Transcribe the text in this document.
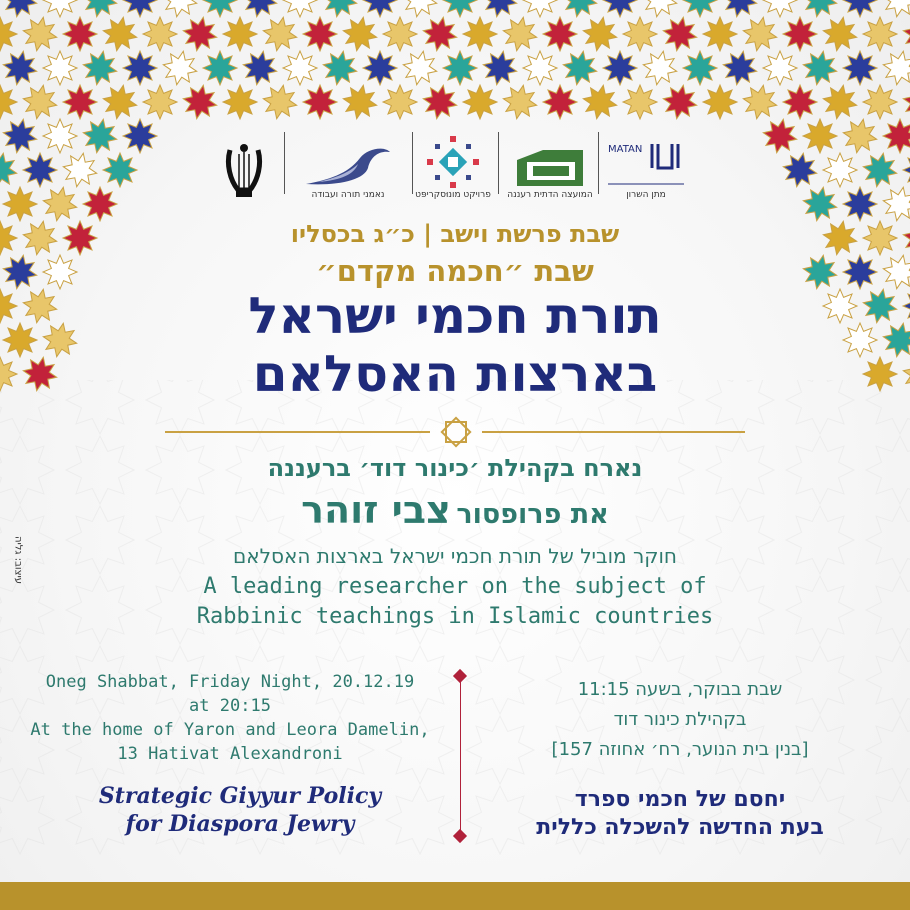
נאמני תורה ועבודה	פרויקט מונוּסקריפּט המועצה הדתית רעננה
MATAN
מתן השרון
שבת פרשת וישב | כ״ג בכסליו
שבת ״חכמה מקדם״
תורת חכמי ישראל
בארצות האסלאם
נארח בקהילת ׳כינור דוד׳ ברעננה
את פרופסור צבי זוהר
חוקר מוביל של תורת חכמי ישראל בארצות האסלאם
A leading researcher on the subject of
Rabbinic teachings in Islamic countries
Oneg Shabbat, Friday Night, 20.12.19
at 20:15
At the home of Yaron and Leora Damelin,
13 Hativat Alexandroni
Strategic Giyyur Policy
for Diaspora Jewry
שבת בבוקר, בשעה 11:15
בקהילת כינור דוד
[בנין בית הנוער, רח׳ אחוזה 157]
יחסם של חכמי ספרד
בעת החדשה להשכלה כללית
עיצוב: גליה
